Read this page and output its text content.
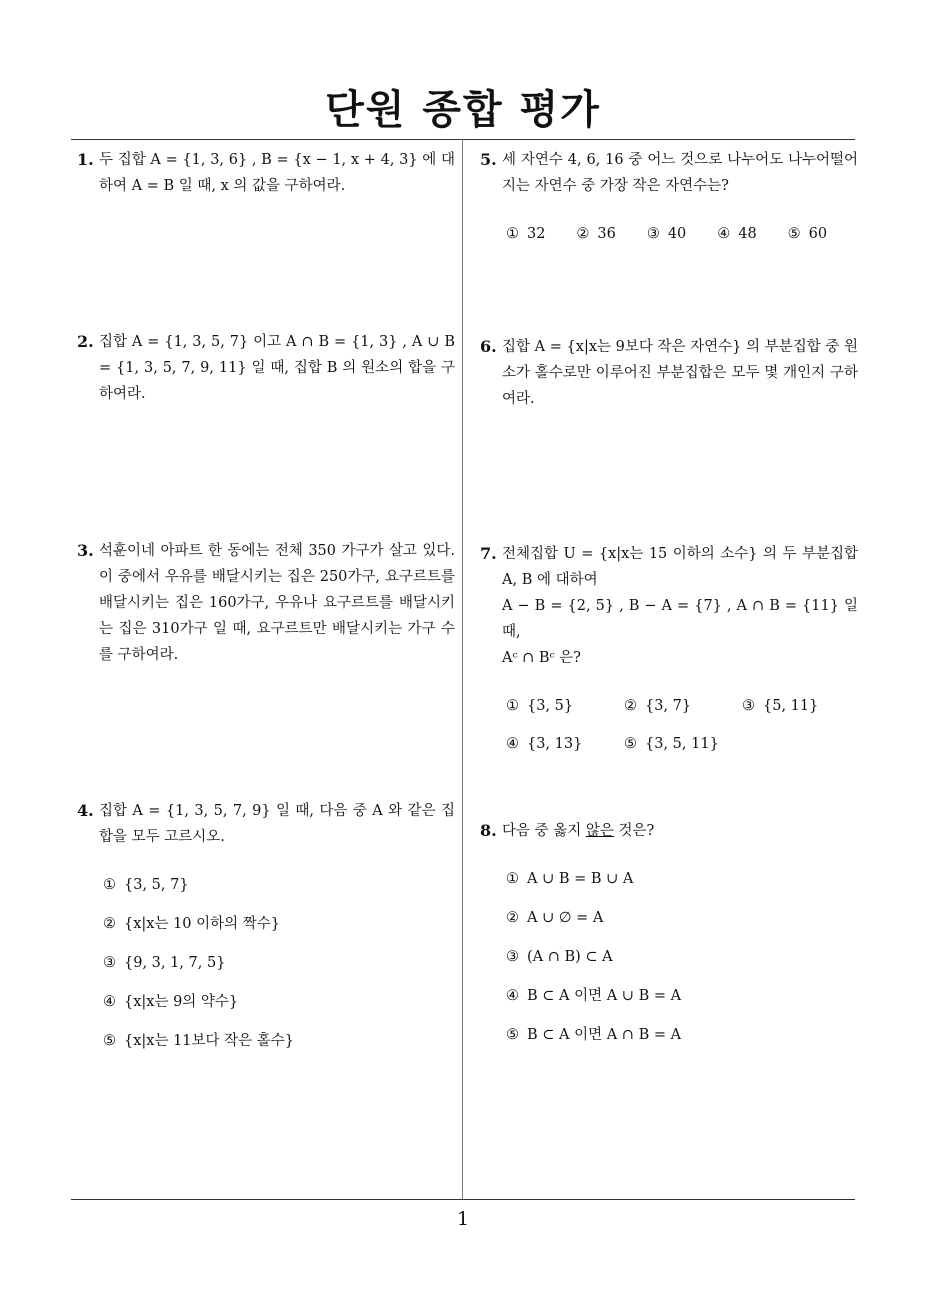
단원 종합 평가
1. 두 집합 A = {1, 3, 6} , B = {x − 1, x + 4, 3} 에 대하여 A = B 일 때, x 의 값을 구하여라.
2. 집합 A = {1, 3, 5, 7} 이고 A ∩ B = {1, 3} , A ∪ B = {1, 3, 5, 7, 9, 11} 일 때, 집합 B 의 원소의 합을 구하여라.
3. 석훈이네 아파트 한 동에는 전체 350 가구가 살고 있다. 이 중에서 우유를 배달시키는 집은 250가구, 요구르트를 배달시키는 집은 160가구, 우유나 요구르트를 배달시키는 집은 310가구 일 때, 요구르트만 배달시키는 가구 수를 구하여라.
4. 집합 A = {1, 3, 5, 7, 9} 일 때, 다음 중 A 와 같은 집합을 모두 고르시오.
① {3, 5, 7}
② {x|x는 10 이하의 짝수}
③ {9, 3, 1, 7, 5}
④ {x|x는 9의 약수}
⑤ {x|x는 11보다 작은 홀수}
5. 세 자연수 4, 6, 16 중 어느 것으로 나누어도 나누어떨어지는 자연수 중 가장 작은 자연수는?
① 32	② 36	③ 40	④ 48	⑤ 60
6. 집합 A = {x|x는 9보다 작은 자연수} 의 부분집합 중 원소가 홀수로만 이루어진 부분집합은 모두 몇 개인지 구하여라.
7. 전체집합 U = {x|x는 15 이하의 소수} 의 두 부분집합 A, B 에 대하여
A − B = {2, 5} , B − A = {7} , A ∩ B = {11} 일 때,
Aᶜ ∩ Bᶜ 은?
① {3, 5}	② {3, 7}	③ {5, 11}
④ {3, 13}	⑤ {3, 5, 11}
8. 다음 중 옳지 않은 것은?
① A ∪ B = B ∪ A
② A ∪ ∅ = A
③ (A ∩ B) ⊂ A
④ B ⊂ A 이면 A ∪ B = A
⑤ B ⊂ A 이면 A ∩ B = A
1
